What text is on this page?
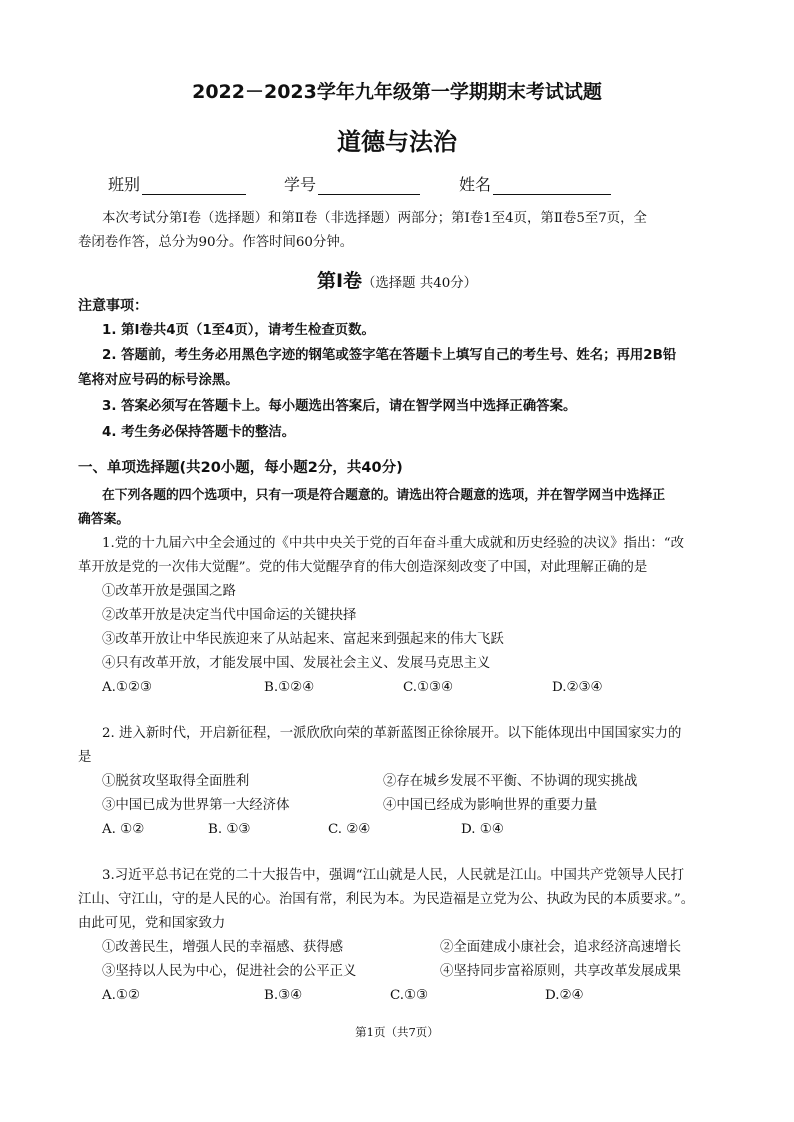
2022－2023学年九年级第一学期期末考试试题
道德与法治
班别	学号	姓名
本次考试分第Ⅰ卷（选择题）和第Ⅱ卷（非选择题）两部分；第Ⅰ卷1至4页，第Ⅱ卷5至7页，全
卷闭卷作答，总分为90分。作答时间60分钟。
第Ⅰ卷（选择题 共40分）
注意事项：
1. 第Ⅰ卷共4页（1至4页），请考生检查页数。
2. 答题前，考生务必用黑色字迹的钢笔或签字笔在答题卡上填写自己的考生号、姓名；再用2B铅
笔将对应号码的标号涂黑。
3. 答案必须写在答题卡上。每小题选出答案后，请在智学网当中选择正确答案。
4. 考生务必保持答题卡的整洁。
一、单项选择题(共20小题，每小题2分，共40分)
在下列各题的四个选项中，只有一项是符合题意的。请选出符合题意的选项，并在智学网当中选择正
确答案。
1.党的十九届六中全会通过的《中共中央关于党的百年奋斗重大成就和历史经验的决议》指出：“改
革开放是党的一次伟大觉醒”。党的伟大觉醒孕育的伟大创造深刻改变了中国，对此理解正确的是
①改革开放是强国之路
②改革开放是决定当代中国命运的关键抉择
③改革开放让中华民族迎来了从站起来、富起来到强起来的伟大飞跃
④只有改革开放，才能发展中国、发展社会主义、发展马克思主义
A.①②③	B.①②④	C.①③④	D.②③④
2. 进入新时代，开启新征程，一派欣欣向荣的革新蓝图正徐徐展开。以下能体现出中国国家实力的
是
①脱贫攻坚取得全面胜利	②存在城乡发展不平衡、不协调的现实挑战
③中国已成为世界第一大经济体	④中国已经成为影响世界的重要力量
A. ①②	B. ①③	C. ②④	D. ①④
3.习近平总书记在党的二十大报告中，强调“江山就是人民，人民就是江山。中国共产党领导人民打
江山、守江山，守的是人民的心。治国有常，利民为本。为民造福是立党为公、执政为民的本质要求。”。
由此可见，党和国家致力
①改善民生，增强人民的幸福感、获得感	②全面建成小康社会，追求经济高速增长
③坚持以人民为中心，促进社会的公平正义	④坚持同步富裕原则，共享改革发展成果
A.①②	B.③④	C.①③	D.②④
第1页（共7页）
